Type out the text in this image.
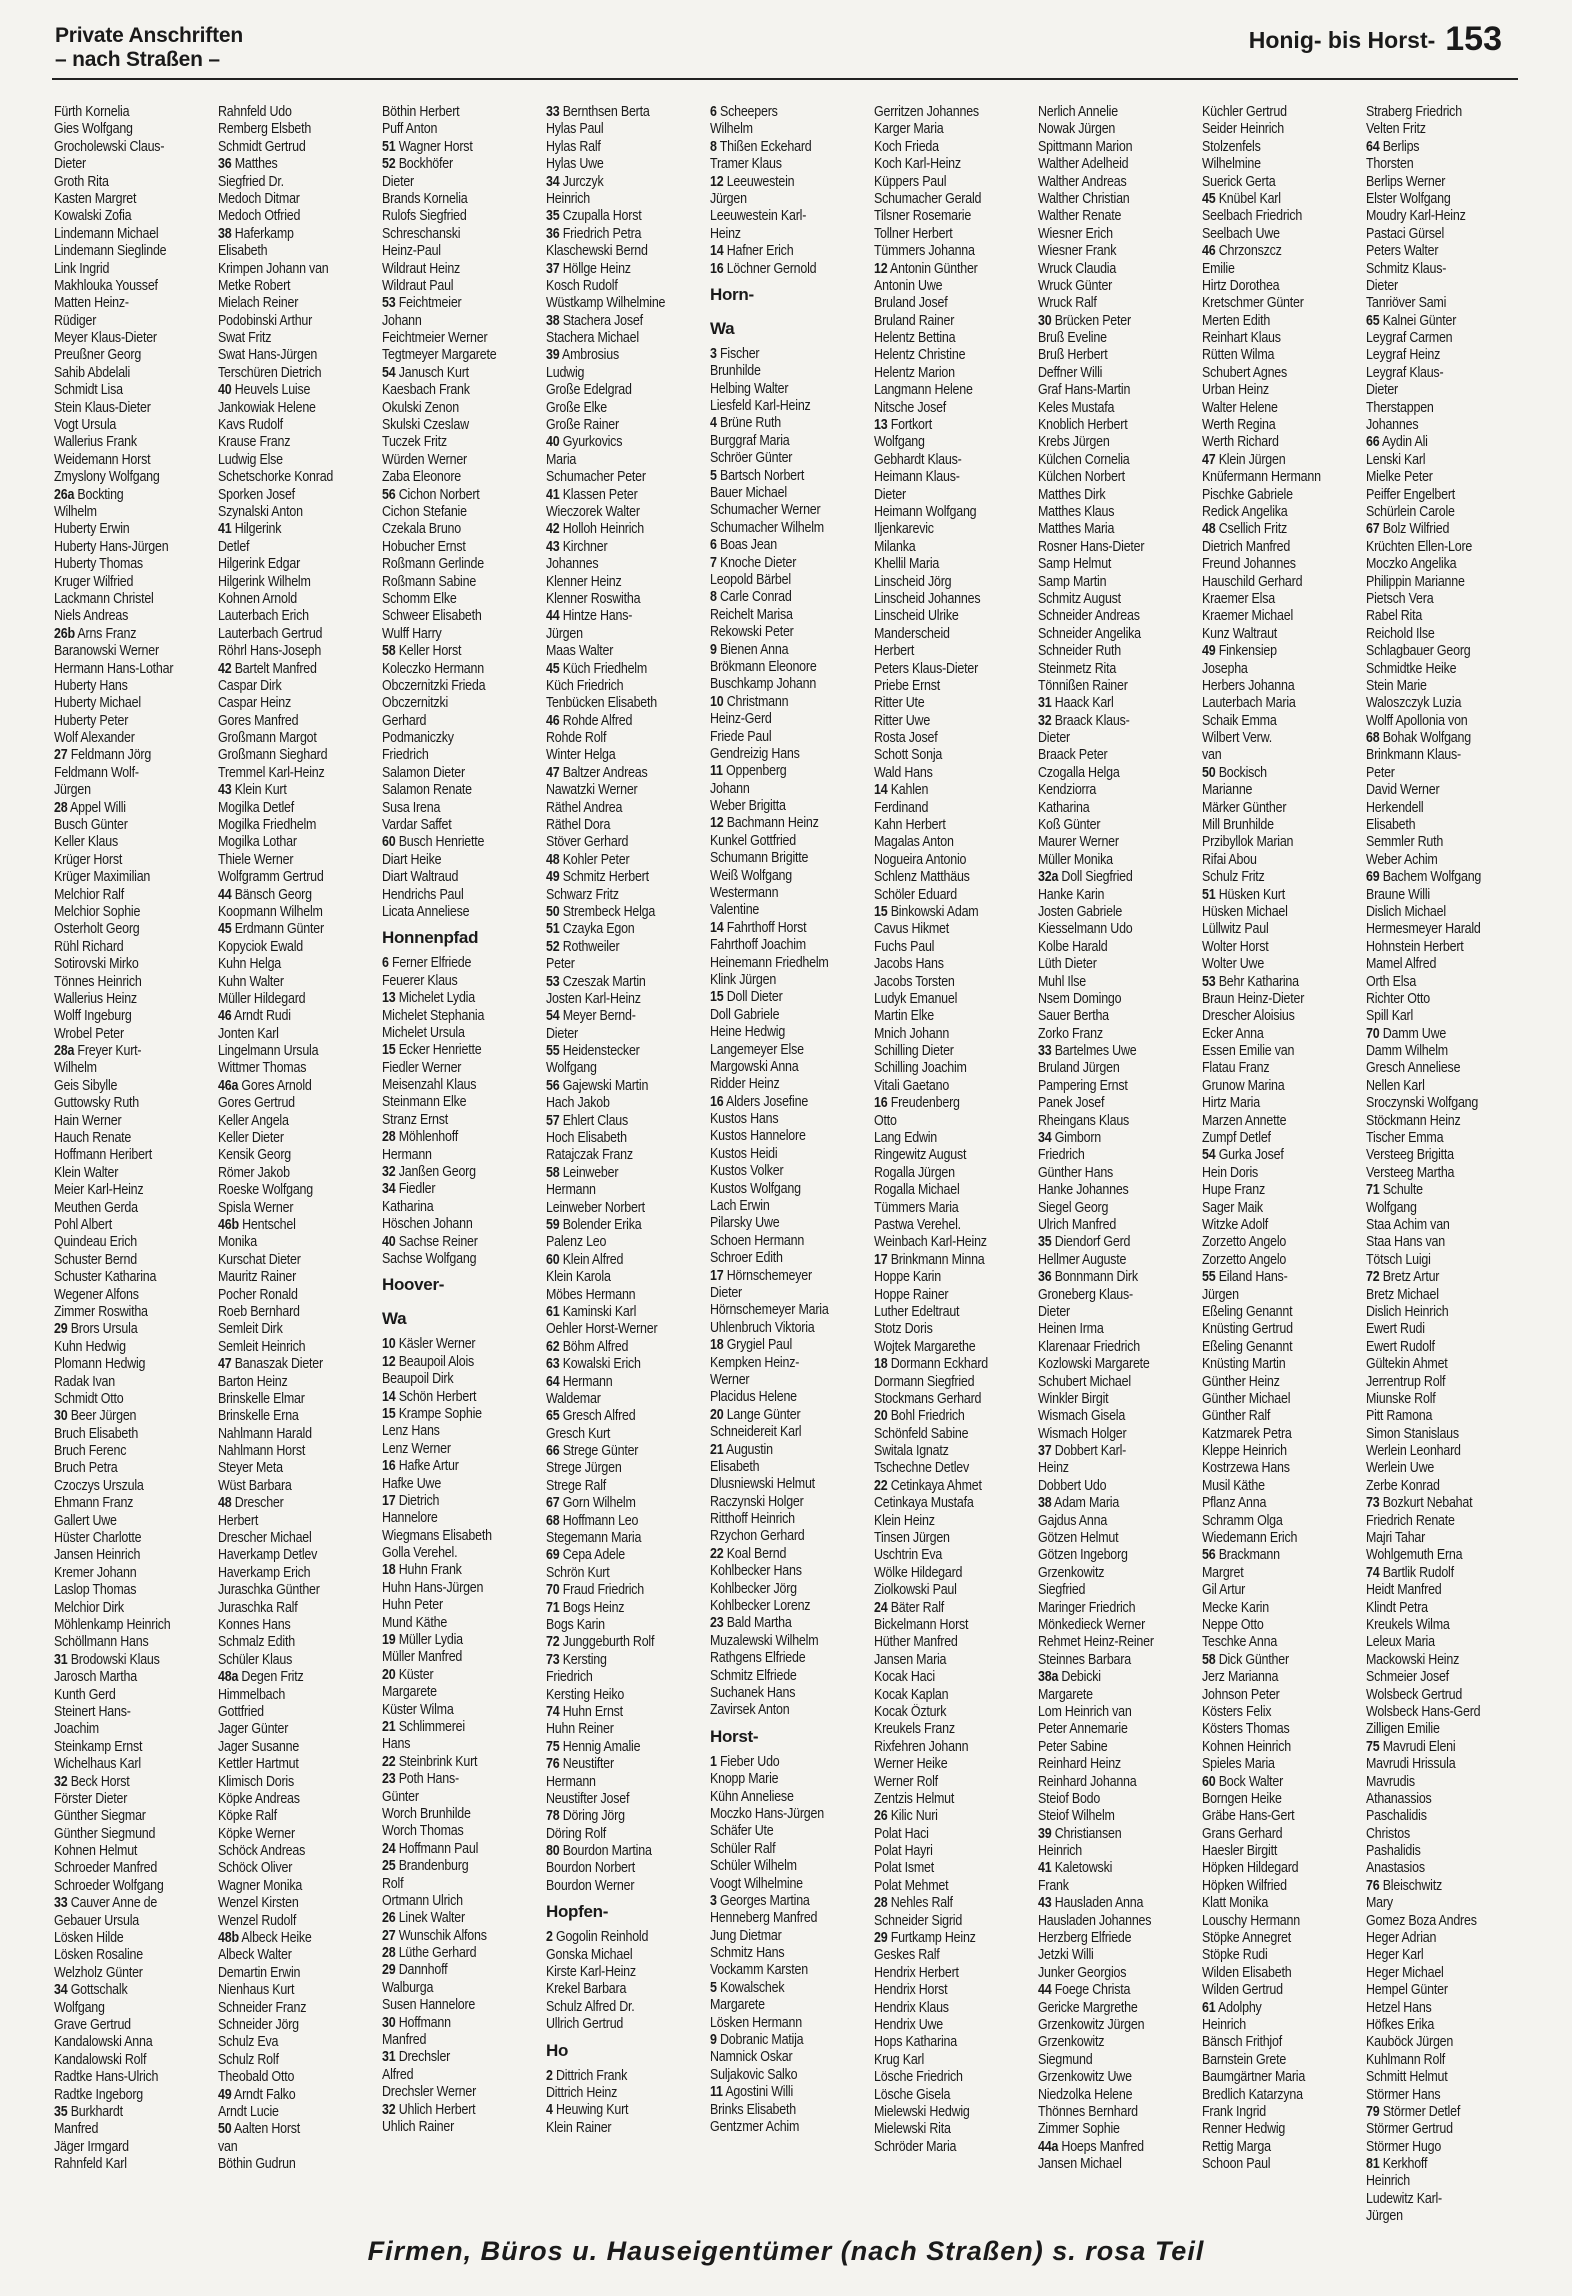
Private Anschriften
– nach Straßen –
Honig- bis Horst- 153
Fürth Kornelia
Gies Wolfgang
Grocholewski Claus-
Dieter
Groth Rita
Kasten Margret
Kowalski Zofia
Lindemann Michael
Lindemann Sieglinde
Link Ingrid
Makhlouka Youssef
Matten Heinz-
Rüdiger
Meyer Klaus-Dieter
Preußner Georg
Sahib Abdelali
Schmidt Lisa
Stein Klaus-Dieter
Vogt Ursula
Wallerius Frank
Weidemann Horst
Zmyslony Wolfgang
26a Bockting
Wilhelm
Huberty Erwin
Huberty Hans-Jürgen
Huberty Thomas
Kruger Wilfried
Lackmann Christel
Niels Andreas
26b Arns Franz
Baranowski Werner
Hermann Hans-Lothar
Huberty Hans
Huberty Michael
Huberty Peter
Wolf Alexander
27 Feldmann Jörg
Feldmann Wolf-
Jürgen
28 Appel Willi
Busch Günter
Keller Klaus
Krüger Horst
Krüger Maximilian
Melchior Ralf
Melchior Sophie
Osterholt Georg
Rühl Richard
Sotirovski Mirko
Tönnes Heinrich
Wallerius Heinz
Wolff Ingeburg
Wrobel Peter
28a Freyer Kurt-
Wilhelm
Geis Sibylle
Guttowsky Ruth
Hain Werner
Hauch Renate
Hoffmann Heribert
Klein Walter
Meier Karl-Heinz
Meuthen Gerda
Pohl Albert
Quindeau Erich
Schuster Bernd
Schuster Katharina
Wegener Alfons
Zimmer Roswitha
29 Brors Ursula
Kuhn Hedwig
Plomann Hedwig
Radak Ivan
Schmidt Otto
30 Beer Jürgen
Bruch Elisabeth
Bruch Ferenc
Bruch Petra
Czoczys Urszula
Ehmann Franz
Gallert Uwe
Hüster Charlotte
Jansen Heinrich
Kremer Johann
Laslop Thomas
Melchior Dirk
Möhlenkamp Heinrich
Schöllmann Hans
31 Brodowski Klaus
Jarosch Martha
Kunth Gerd
Steinert Hans-
Joachim
Steinkamp Ernst
Wichelhaus Karl
32 Beck Horst
Förster Dieter
Günther Siegmar
Günther Siegmund
Kohnen Helmut
Schroeder Manfred
Schroeder Wolfgang
33 Cauver Anne de
Gebauer Ursula
Lösken Hilde
Lösken Rosaline
Welzholz Günter
34 Gottschalk
Wolfgang
Grave Gertrud
Kandalowski Anna
Kandalowski Rolf
Radtke Hans-Ulrich
Radtke Ingeborg
35 Burkhardt
Manfred
Jäger Irmgard
Rahnfeld Karl
Rahnfeld Udo
Remberg Elsbeth
Schmidt Gertrud
36 Matthes
Siegfried Dr.
Medoch Ditmar
Medoch Otfried
38 Haferkamp
Elisabeth
Krimpen Johann van
Metke Robert
Mielach Reiner
Podobinski Arthur
Swat Fritz
Swat Hans-Jürgen
Terschüren Dietrich
40 Heuvels Luise
Jankowiak Helene
Kavs Rudolf
Krause Franz
Ludwig Else
Schetschorke Konrad
Sporken Josef
Szynalski Anton
41 Hilgerink
Detlef
Hilgerink Edgar
Hilgerink Wilhelm
Kohnen Arnold
Lauterbach Erich
Lauterbach Gertrud
Röhrl Hans-Joseph
42 Bartelt Manfred
Caspar Dirk
Caspar Heinz
Gores Manfred
Großmann Margot
Großmann Sieghard
Tremmel Karl-Heinz
43 Klein Kurt
Mogilka Detlef
Mogilka Friedhelm
Mogilka Lothar
Thiele Werner
Wolfgramm Gertrud
44 Bänsch Georg
Koopmann Wilhelm
45 Erdmann Günter
Kopyciok Ewald
Kuhn Helga
Kuhn Walter
Müller Hildegard
46 Arndt Rudi
Jonten Karl
Lingelmann Ursula
Wittmer Thomas
46a Gores Arnold
Gores Gertrud
Keller Angela
Keller Dieter
Kensik Georg
Römer Jakob
Roeske Wolfgang
Spisla Werner
46b Hentschel
Monika
Kurschat Dieter
Mauritz Rainer
Pocher Ronald
Roeb Bernhard
Semleit Dirk
Semleit Heinrich
47 Banaszak Dieter
Barton Heinz
Brinskelle Elmar
Brinskelle Erna
Nahlmann Harald
Nahlmann Horst
Steyer Meta
Wüst Barbara
48 Drescher
Herbert
Drescher Michael
Haverkamp Detlev
Haverkamp Erich
Juraschka Günther
Juraschka Ralf
Konnes Hans
Schmalz Edith
Schüler Klaus
48a Degen Fritz
Himmelbach
Gottfried
Jager Günter
Jager Susanne
Kettler Hartmut
Klimisch Doris
Köpke Andreas
Köpke Ralf
Köpke Werner
Schöck Andreas
Schöck Oliver
Wagner Monika
Wenzel Kirsten
Wenzel Rudolf
48b Albeck Heike
Albeck Walter
Demartin Erwin
Nienhaus Kurt
Schneider Franz
Schneider Jörg
Schulz Eva
Schulz Rolf
Theobald Otto
49 Arndt Falko
Arndt Lucie
50 Aalten Horst
van
Böthin Gudrun
Böthin Herbert
Puff Anton
51 Wagner Horst
52 Bockhöfer
Dieter
Brands Kornelia
Rulofs Siegfried
Schreschanski
Heinz-Paul
Wildraut Heinz
Wildraut Paul
53 Feichtmeier
Johann
Feichtmeier Werner
Tegtmeyer Margarete
54 Janusch Kurt
Kaesbach Frank
Okulski Zenon
Skulski Czeslaw
Tuczek Fritz
Würden Werner
Zaba Eleonore
56 Cichon Norbert
Cichon Stefanie
Czekala Bruno
Hobucher Ernst
Roßmann Gerlinde
Roßmann Sabine
Schomm Elke
Schweer Elisabeth
Wulff Harry
58 Keller Horst
Koleczko Hermann
Obczernitzki Frieda
Obczernitzki
Gerhard
Podmaniczky
Friedrich
Salamon Dieter
Salamon Renate
Susa Irena
Vardar Saffet
60 Busch Henriette
Diart Heike
Diart Waltraud
Hendrichs Paul
Licata Anneliese
Honnenpfad
6 Ferner Elfriede
Feuerer Klaus
13 Michelet Lydia
Michelet Stephania
Michelet Ursula
15 Ecker Henriette
Fiedler Werner
Meisenzahl Klaus
Steinmann Elke
Stranz Ernst
28 Möhlenhoff
Hermann
32 Janßen Georg
34 Fiedler
Katharina
Höschen Johann
40 Sachse Reiner
Sachse Wolfgang
Hoover-
Wa
10 Käsler Werner
12 Beaupoil Alois
Beaupoil Dirk
14 Schön Herbert
15 Krampe Sophie
Lenz Hans
Lenz Werner
16 Hafke Artur
Hafke Uwe
17 Dietrich
Hannelore
Wiegmans Elisabeth
Golla Verehel.
18 Huhn Frank
Huhn Hans-Jürgen
Huhn Peter
Mund Käthe
19 Müller Lydia
Müller Manfred
20 Küster
Margarete
Küster Wilma
21 Schlimmerei
Hans
22 Steinbrink Kurt
23 Poth Hans-
Günter
Worch Brunhilde
Worch Thomas
24 Hoffmann Paul
25 Brandenburg
Rolf
Ortmann Ulrich
26 Linek Walter
27 Wunschik Alfons
28 Lüthe Gerhard
29 Dannhoff
Walburga
Susen Hannelore
30 Hoffmann
Manfred
31 Drechsler
Alfred
Drechsler Werner
32 Uhlich Herbert
Uhlich Rainer
33 Bernthsen Berta
Hylas Paul
Hylas Ralf
Hylas Uwe
34 Jurczyk
Heinrich
35 Czupalla Horst
36 Friedrich Petra
Klaschewski Bernd
37 Höllge Heinz
Kosch Rudolf
Wüstkamp Wilhelmine
38 Stachera Josef
Stachera Michael
39 Ambrosius
Ludwig
Große Edelgrad
Große Elke
Große Rainer
40 Gyurkovics
Maria
Schumacher Peter
41 Klassen Peter
Wieczorek Walter
42 Holloh Heinrich
43 Kirchner
Johannes
Klenner Heinz
Klenner Roswitha
44 Hintze Hans-
Jürgen
Maas Walter
45 Küch Friedhelm
Küch Friedrich
Tenbücken Elisabeth
46 Rohde Alfred
Rohde Rolf
Winter Helga
47 Baltzer Andreas
Nawatzki Werner
Räthel Andrea
Räthel Dora
Stöver Gerhard
48 Kohler Peter
49 Schmitz Herbert
Schwarz Fritz
50 Strembeck Helga
51 Czayka Egon
52 Rothweiler
Peter
53 Czeszak Martin
Josten Karl-Heinz
54 Meyer Bernd-
Dieter
55 Heidenstecker
Wolfgang
56 Gajewski Martin
Hach Jakob
57 Ehlert Claus
Hoch Elisabeth
Ratajczak Franz
58 Leinweber
Hermann
Leinweber Norbert
59 Bolender Erika
Palenz Leo
60 Klein Alfred
Klein Karola
Möbes Hermann
61 Kaminski Karl
Oehler Horst-Werner
62 Böhm Alfred
63 Kowalski Erich
64 Hermann
Waldemar
65 Gresch Alfred
Gresch Kurt
66 Strege Günter
Strege Jürgen
Strege Ralf
67 Gorn Wilhelm
68 Hoffmann Leo
Stegemann Maria
69 Cepa Adele
Schrön Kurt
70 Fraud Friedrich
71 Bogs Heinz
Bogs Karin
72 Junggeburth Rolf
73 Kersting
Friedrich
Kersting Heiko
74 Huhn Ernst
Huhn Reiner
75 Hennig Amalie
76 Neustifter
Hermann
Neustifter Josef
78 Döring Jörg
Döring Rolf
80 Bourdon Martina
Bourdon Norbert
Bourdon Werner
Hopfen-
2 Gogolin Reinhold
Gonska Michael
Kirste Karl-Heinz
Krekel Barbara
Schulz Alfred Dr.
Ullrich Gertrud
Ho
2 Dittrich Frank
Dittrich Heinz
4 Heuwing Kurt
Klein Rainer
6 Scheepers
Wilhelm
8 Thißen Eckehard
Tramer Klaus
12 Leeuwestein
Jürgen
Leeuwestein Karl-
Heinz
14 Hafner Erich
16 Löchner Gernold
Horn-
Wa
3 Fischer
Brunhilde
Helbing Walter
Liesfeld Karl-Heinz
4 Brüne Ruth
Burggraf Maria
Schröer Günter
5 Bartsch Norbert
Bauer Michael
Schumacher Werner
Schumacher Wilhelm
6 Boas Jean
7 Knoche Dieter
Leopold Bärbel
8 Carle Conrad
Reichelt Marisa
Rekowski Peter
9 Bienen Anna
Brökmann Eleonore
Buschkamp Johann
10 Christmann
Heinz-Gerd
Friede Paul
Gendreizig Hans
11 Oppenberg
Johann
Weber Brigitta
12 Bachmann Heinz
Kunkel Gottfried
Schumann Brigitte
Weiß Wolfgang
Westermann
Valentine
14 Fahrthoff Horst
Fahrthoff Joachim
Heinemann Friedhelm
Klink Jürgen
15 Doll Dieter
Doll Gabriele
Heine Hedwig
Langemeyer Else
Margowski Anna
Ridder Heinz
16 Alders Josefine
Kustos Hans
Kustos Hannelore
Kustos Heidi
Kustos Volker
Kustos Wolfgang
Lach Erwin
Pilarsky Uwe
Schoen Hermann
Schroer Edith
17 Hörnschemeyer
Dieter
Hörnschemeyer Maria
Uhlenbruch Viktoria
18 Grygiel Paul
Kempken Heinz-
Werner
Placidus Helene
20 Lange Günter
Schneidereit Karl
21 Augustin
Elisabeth
Dlusniewski Helmut
Raczynski Holger
Ritthoff Heinrich
Rzychon Gerhard
22 Koal Bernd
Kohlbecker Hans
Kohlbecker Jörg
Kohlbecker Lorenz
23 Bald Martha
Muzalewski Wilhelm
Rathgens Elfriede
Schmitz Elfriede
Suchanek Hans
Zavirsek Anton
Horst-
1 Fieber Udo
Knopp Marie
Kühn Anneliese
Moczko Hans-Jürgen
Schäfer Ute
Schüler Ralf
Schüler Wilhelm
Voogt Wilhelmine
3 Georges Martina
Henneberg Manfred
Jung Dietmar
Schmitz Hans
Vockamm Karsten
5 Kowalschek
Margarete
Lösken Hermann
9 Dobranic Matija
Namnick Oskar
Suljakovic Salko
11 Agostini Willi
Brinks Elisabeth
Gentzmer Achim
Gerritzen Johannes
Karger Maria
Koch Frieda
Koch Karl-Heinz
Küppers Paul
Schumacher Gerald
Tilsner Rosemarie
Tollner Herbert
Tümmers Johanna
12 Antonin Günther
Antonin Uwe
Bruland Josef
Bruland Rainer
Helentz Bettina
Helentz Christine
Helentz Marion
Langmann Helene
Nitsche Josef
13 Fortkort
Wolfgang
Gebhardt Klaus-
Heimann Klaus-
Dieter
Heimann Wolfgang
Iljenkarevic
Milanka
Khellil Maria
Linscheid Jörg
Linscheid Johannes
Linscheid Ulrike
Manderscheid
Herbert
Peters Klaus-Dieter
Priebe Ernst
Ritter Ute
Ritter Uwe
Rosta Josef
Schott Sonja
Wald Hans
14 Kahlen
Ferdinand
Kahn Herbert
Magalas Anton
Nogueira Antonio
Schlenz Matthäus
Schöler Eduard
15 Binkowski Adam
Cavus Hikmet
Fuchs Paul
Jacobs Hans
Jacobs Torsten
Ludyk Emanuel
Martin Elke
Mnich Johann
Schilling Dieter
Schilling Joachim
Vitali Gaetano
16 Freudenberg
Otto
Lang Edwin
Ringewitz August
Rogalla Jürgen
Rogalla Michael
Tümmers Maria
Pastwa Verehel.
Weinbach Karl-Heinz
17 Brinkmann Minna
Hoppe Karin
Hoppe Rainer
Luther Edeltraut
Stotz Doris
Wojtek Margarethe
18 Dormann Eckhard
Dormann Siegfried
Stockmans Gerhard
20 Bohl Friedrich
Schönfeld Sabine
Switala Ignatz
Tschechne Detlev
22 Cetinkaya Ahmet
Cetinkaya Mustafa
Klein Heinz
Tinsen Jürgen
Uschtrin Eva
Wölke Hildegard
Ziolkowski Paul
24 Bäter Ralf
Bickelmann Horst
Hüther Manfred
Jansen Maria
Kocak Haci
Kocak Kaplan
Kocak Özturk
Kreukels Franz
Rixfehren Johann
Werner Heike
Werner Rolf
Zentzis Helmut
26 Kilic Nuri
Polat Haci
Polat Hayri
Polat Ismet
Polat Mehmet
28 Nehles Ralf
Schneider Sigrid
29 Furtkamp Heinz
Geskes Ralf
Hendrix Herbert
Hendrix Horst
Hendrix Klaus
Hendrix Uwe
Hops Katharina
Krug Karl
Lösche Friedrich
Lösche Gisela
Mielewski Hedwig
Mielewski Rita
Schröder Maria
Nerlich Annelie
Nowak Jürgen
Spittmann Marion
Walther Adelheid
Walther Andreas
Walther Christian
Walther Renate
Wiesner Erich
Wiesner Frank
Wruck Claudia
Wruck Günter
Wruck Ralf
30 Brücken Peter
Bruß Eveline
Bruß Herbert
Deffner Willi
Graf Hans-Martin
Keles Mustafa
Knoblich Herbert
Krebs Jürgen
Külchen Cornelia
Külchen Norbert
Matthes Dirk
Matthes Klaus
Matthes Maria
Rosner Hans-Dieter
Samp Helmut
Samp Martin
Schmitz August
Schneider Andreas
Schneider Angelika
Schneider Ruth
Steinmetz Rita
Tönnißen Rainer
31 Haack Karl
32 Braack Klaus-
Dieter
Braack Peter
Czogalla Helga
Kendziorra
Katharina
Koß Günter
Maurer Werner
Müller Monika
32a Doll Siegfried
Hanke Karin
Josten Gabriele
Kiesselmann Udo
Kolbe Harald
Lüth Dieter
Muhl Ilse
Nsem Domingo
Sauer Bertha
Zorko Franz
33 Bartelmes Uwe
Bruland Jürgen
Pampering Ernst
Panek Josef
Rheingans Klaus
34 Gimborn
Friedrich
Günther Hans
Hanke Johannes
Siegel Georg
Ulrich Manfred
35 Diendorf Gerd
Hellmer Auguste
36 Bonnmann Dirk
Groneberg Klaus-
Dieter
Heinen Irma
Klarenaar Friedrich
Kozlowski Margarete
Schubert Michael
Winkler Birgit
Wismach Gisela
Wismach Holger
37 Dobbert Karl-
Heinz
Dobbert Udo
38 Adam Maria
Gajdus Anna
Götzen Helmut
Götzen Ingeborg
Grzenkowitz
Siegfried
Maringer Friedrich
Mönkedieck Werner
Rehmet Heinz-Reiner
Steinnes Barbara
38a Debicki
Margarete
Lom Heinrich van
Peter Annemarie
Peter Sabine
Reinhard Heinz
Reinhard Johanna
Steiof Bodo
Steiof Wilhelm
39 Christiansen
Heinrich
41 Kaletowski
Frank
43 Hausladen Anna
Hausladen Johannes
Herzberg Elfriede
Jetzki Willi
Junker Georgios
44 Foege Christa
Gericke Margrethe
Grzenkowitz Jürgen
Grzenkowitz
Siegmund
Grzenkowitz Uwe
Niedzolka Helene
Thönnes Bernhard
Zimmer Sophie
44a Hoeps Manfred
Jansen Michael
Küchler Gertrud
Seider Heinrich
Stolzenfels
Wilhelmine
Suerick Gerta
45 Knübel Karl
Seelbach Friedrich
Seelbach Uwe
46 Chrzonszcz
Emilie
Hirtz Dorothea
Kretschmer Günter
Merten Edith
Reinhart Klaus
Rütten Wilma
Schubert Agnes
Urban Heinz
Walter Helene
Werth Regina
Werth Richard
47 Klein Jürgen
Knüfermann Hermann
Pischke Gabriele
Redick Angelika
48 Csellich Fritz
Dietrich Manfred
Freund Johannes
Hauschild Gerhard
Kraemer Elsa
Kraemer Michael
Kunz Waltraut
49 Finkensiep
Josepha
Herbers Johanna
Lauterbach Maria
Schaik Emma
Wilbert Verw.
van
50 Bockisch
Marianne
Märker Günther
Mill Brunhilde
Przibyllok Marian
Rifai Abou
Schulz Fritz
51 Hüsken Kurt
Hüsken Michael
Lüllwitz Paul
Wolter Horst
Wolter Uwe
53 Behr Katharina
Braun Heinz-Dieter
Drescher Aloisius
Ecker Anna
Essen Emilie van
Flatau Franz
Grunow Marina
Hirtz Maria
Marzen Annette
Zumpf Detlef
54 Gurka Josef
Hein Doris
Hupe Franz
Sager Maik
Witzke Adolf
Zorzetto Angelo
Zorzetto Angelo
55 Eiland Hans-
Jürgen
Eßeling Genannt
Knüsting Gertrud
Eßeling Genannt
Knüsting Martin
Günther Heinz
Günther Michael
Günther Ralf
Katzmarek Petra
Kleppe Heinrich
Kostrzewa Hans
Musil Käthe
Pflanz Anna
Schramm Olga
Wiedemann Erich
56 Brackmann
Margret
Gil Artur
Mecke Karin
Neppe Otto
Teschke Anna
58 Dick Günther
Jerz Marianna
Johnson Peter
Kösters Felix
Kösters Thomas
Kohnen Heinrich
Spieles Maria
60 Bock Walter
Borngen Heike
Gräbe Hans-Gert
Grans Gerhard
Haesler Birgitt
Höpken Hildegard
Höpken Wilfried
Klatt Monika
Louschy Hermann
Stöpke Annegret
Stöpke Rudi
Wilden Elisabeth
Wilden Gertrud
61 Adolphy
Heinrich
Bänsch Frithjof
Barnstein Grete
Baumgärtner Maria
Bredlich Katarzyna
Frank Ingrid
Renner Hedwig
Rettig Marga
Schoon Paul
Straberg Friedrich
Velten Fritz
64 Berlips
Thorsten
Berlips Werner
Elster Wolfgang
Moudry Karl-Heinz
Pastaci Gürsel
Peters Walter
Schmitz Klaus-
Dieter
Tanriöver Sami
65 Kalnei Günter
Leygraf Carmen
Leygraf Heinz
Leygraf Klaus-
Dieter
Therstappen
Johannes
66 Aydin Ali
Lenski Karl
Mielke Peter
Peiffer Engelbert
Schürlein Carole
67 Bolz Wilfried
Krüchten Ellen-Lore
Moczko Angelika
Philippin Marianne
Pietsch Vera
Rabel Rita
Reichold Ilse
Schlagbauer Georg
Schmidtke Heike
Stein Marie
Waloszczyk Luzia
Wolff Apollonia von
68 Bohak Wolfgang
Brinkmann Klaus-
Peter
David Werner
Herkendell
Elisabeth
Semmler Ruth
Weber Achim
69 Bachem Wolfgang
Braune Willi
Dislich Michael
Hermesmeyer Harald
Hohnstein Herbert
Mamel Alfred
Orth Elsa
Richter Otto
Spill Karl
70 Damm Uwe
Damm Wilhelm
Gresch Anneliese
Nellen Karl
Sroczynski Wolfgang
Stöckmann Heinz
Tischer Emma
Versteeg Brigitta
Versteeg Martha
71 Schulte
Wolfgang
Staa Achim van
Staa Hans van
Tötsch Luigi
72 Bretz Artur
Bretz Michael
Dislich Heinrich
Ewert Rudi
Ewert Rudolf
Gültekin Ahmet
Jerrentrup Rolf
Miunske Rolf
Pitt Ramona
Simon Stanislaus
Werlein Leonhard
Werlein Uwe
Zerbe Konrad
73 Bozkurt Nebahat
Friedrich Renate
Majri Tahar
Wohlgemuth Erna
74 Bartlik Rudolf
Heidt Manfred
Klindt Petra
Kreukels Wilma
Leleux Maria
Mackowski Heinz
Schmeier Josef
Wolsbeck Gertrud
Wolsbeck Hans-Gerd
Zilligen Emilie
75 Mavrudi Eleni
Mavrudi Hrissula
Mavrudis
Athanassios
Paschalidis
Christos
Pashalidis
Anastasios
76 Bleischwitz
Mary
Gomez Boza Andres
Heger Adrian
Heger Karl
Heger Michael
Hempel Günter
Hetzel Hans
Höfkes Erika
Kauböck Jürgen
Kuhlmann Rolf
Schmitt Helmut
Störmer Hans
79 Störmer Detlef
Störmer Gertrud
Störmer Hugo
81 Kerkhoff
Heinrich
Ludewitz Karl-
Jürgen
Firmen, Büros u. Hauseigentümer (nach Straßen) s. rosa Teil
